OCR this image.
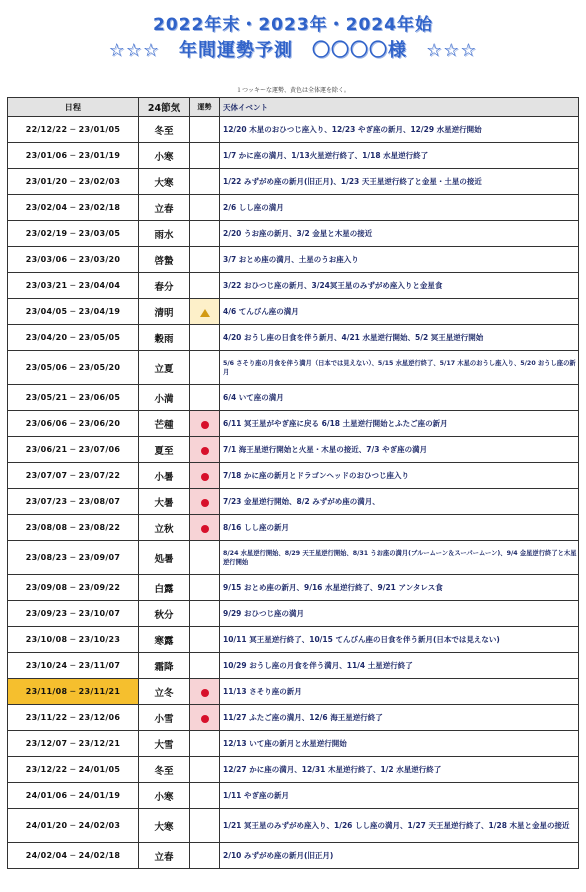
2022年末・2023年・2024年始
☆☆☆　年間運勢予測　〇〇〇〇様　☆☆☆
１つッキーな運勢、黄色は全体運を除く。
日程	24節気	運勢	天体イベント
22/12/22 ─ 23/01/05	冬至		12/20 木星のおひつじ座入り、12/23 やぎ座の新月、12/29 水星逆行開始

23/01/06 ─ 23/01/19	小寒		1/7 かに座の満月、1/13火星逆行終了、1/18 水星逆行終了

23/01/20 ─ 23/02/03	大寒		1/22 みずがめ座の新月(旧正月)、1/23 天王星逆行終了と金星・土星の接近

23/02/04 ─ 23/02/18	立春		2/6 しし座の満月

23/02/19 ─ 23/03/05	雨水		2/20 うお座の新月、3/2 金星と木星の接近

23/03/06 ─ 23/03/20	啓蟄		3/7 おとめ座の満月、土星のうお座入り

23/03/21 ─ 23/04/04	春分		3/22 おひつじ座の新月、3/24冥王星のみずがめ座入りと金星食

23/04/05 ─ 23/04/19	清明		4/6 てんびん座の満月

23/04/20 ─ 23/05/05	穀雨		4/20 おうし座の日食を伴う新月、4/21 水星逆行開始、5/2 冥王星逆行開始

23/05/06 ─ 23/05/20	立夏		5/6 さそり座の月食を伴う満月（日本では見えない）、5/15 水星逆行終了、5/17 木星のおうし座入り、5/20 おうし座の新月

23/05/21 ─ 23/06/05	小満		6/4 いて座の満月

23/06/06 ─ 23/06/20	芒種		6/11 冥王星がやぎ座に戻る 6/18 土星逆行開始とふたご座の新月

23/06/21 ─ 23/07/06	夏至		7/1 海王星逆行開始と火星・木星の接近、7/3 やぎ座の満月

23/07/07 ─ 23/07/22	小暑		7/18 かに座の新月とドラゴンヘッドのおひつじ座入り

23/07/23 ─ 23/08/07	大暑		7/23 金星逆行開始、8/2 みずがめ座の満月、

23/08/08 ─ 23/08/22	立秋		8/16 しし座の新月

23/08/23 ─ 23/09/07	処暑		8/24 水星逆行開始、8/29 天王星逆行開始、8/31 うお座の満月(ブルームーン＆スーパームーン)、9/4 金星逆行終了と木星逆行開始

23/09/08 ─ 23/09/22	白露		9/15 おとめ座の新月、9/16 水星逆行終了、9/21 アンタレス食

23/09/23 ─ 23/10/07	秋分		9/29 おひつじ座の満月

23/10/08 ─ 23/10/23	寒露		10/11 冥王星逆行終了、10/15 てんびん座の日食を伴う新月(日本では見えない)

23/10/24 ─ 23/11/07	霜降		10/29 おうし座の月食を伴う満月、11/4 土星逆行終了

23/11/08 ─ 23/11/21	立冬		11/13 さそり座の新月

23/11/22 ─ 23/12/06	小雪		11/27 ふたご座の満月、12/6 海王星逆行終了

23/12/07 ─ 23/12/21	大雪		12/13 いて座の新月と水星逆行開始

23/12/22 ─ 24/01/05	冬至		12/27 かに座の満月、12/31 木星逆行終了、1/2 水星逆行終了

24/01/06 ─ 24/01/19	小寒		1/11 やぎ座の新月

24/01/20 ─ 24/02/03	大寒		1/21 冥王星のみずがめ座入り、1/26 しし座の満月、1/27 天王星逆行終了、1/28 木星と金星の接近

24/02/04 ─ 24/02/18	立春		2/10 みずがめ座の新月(旧正月)
